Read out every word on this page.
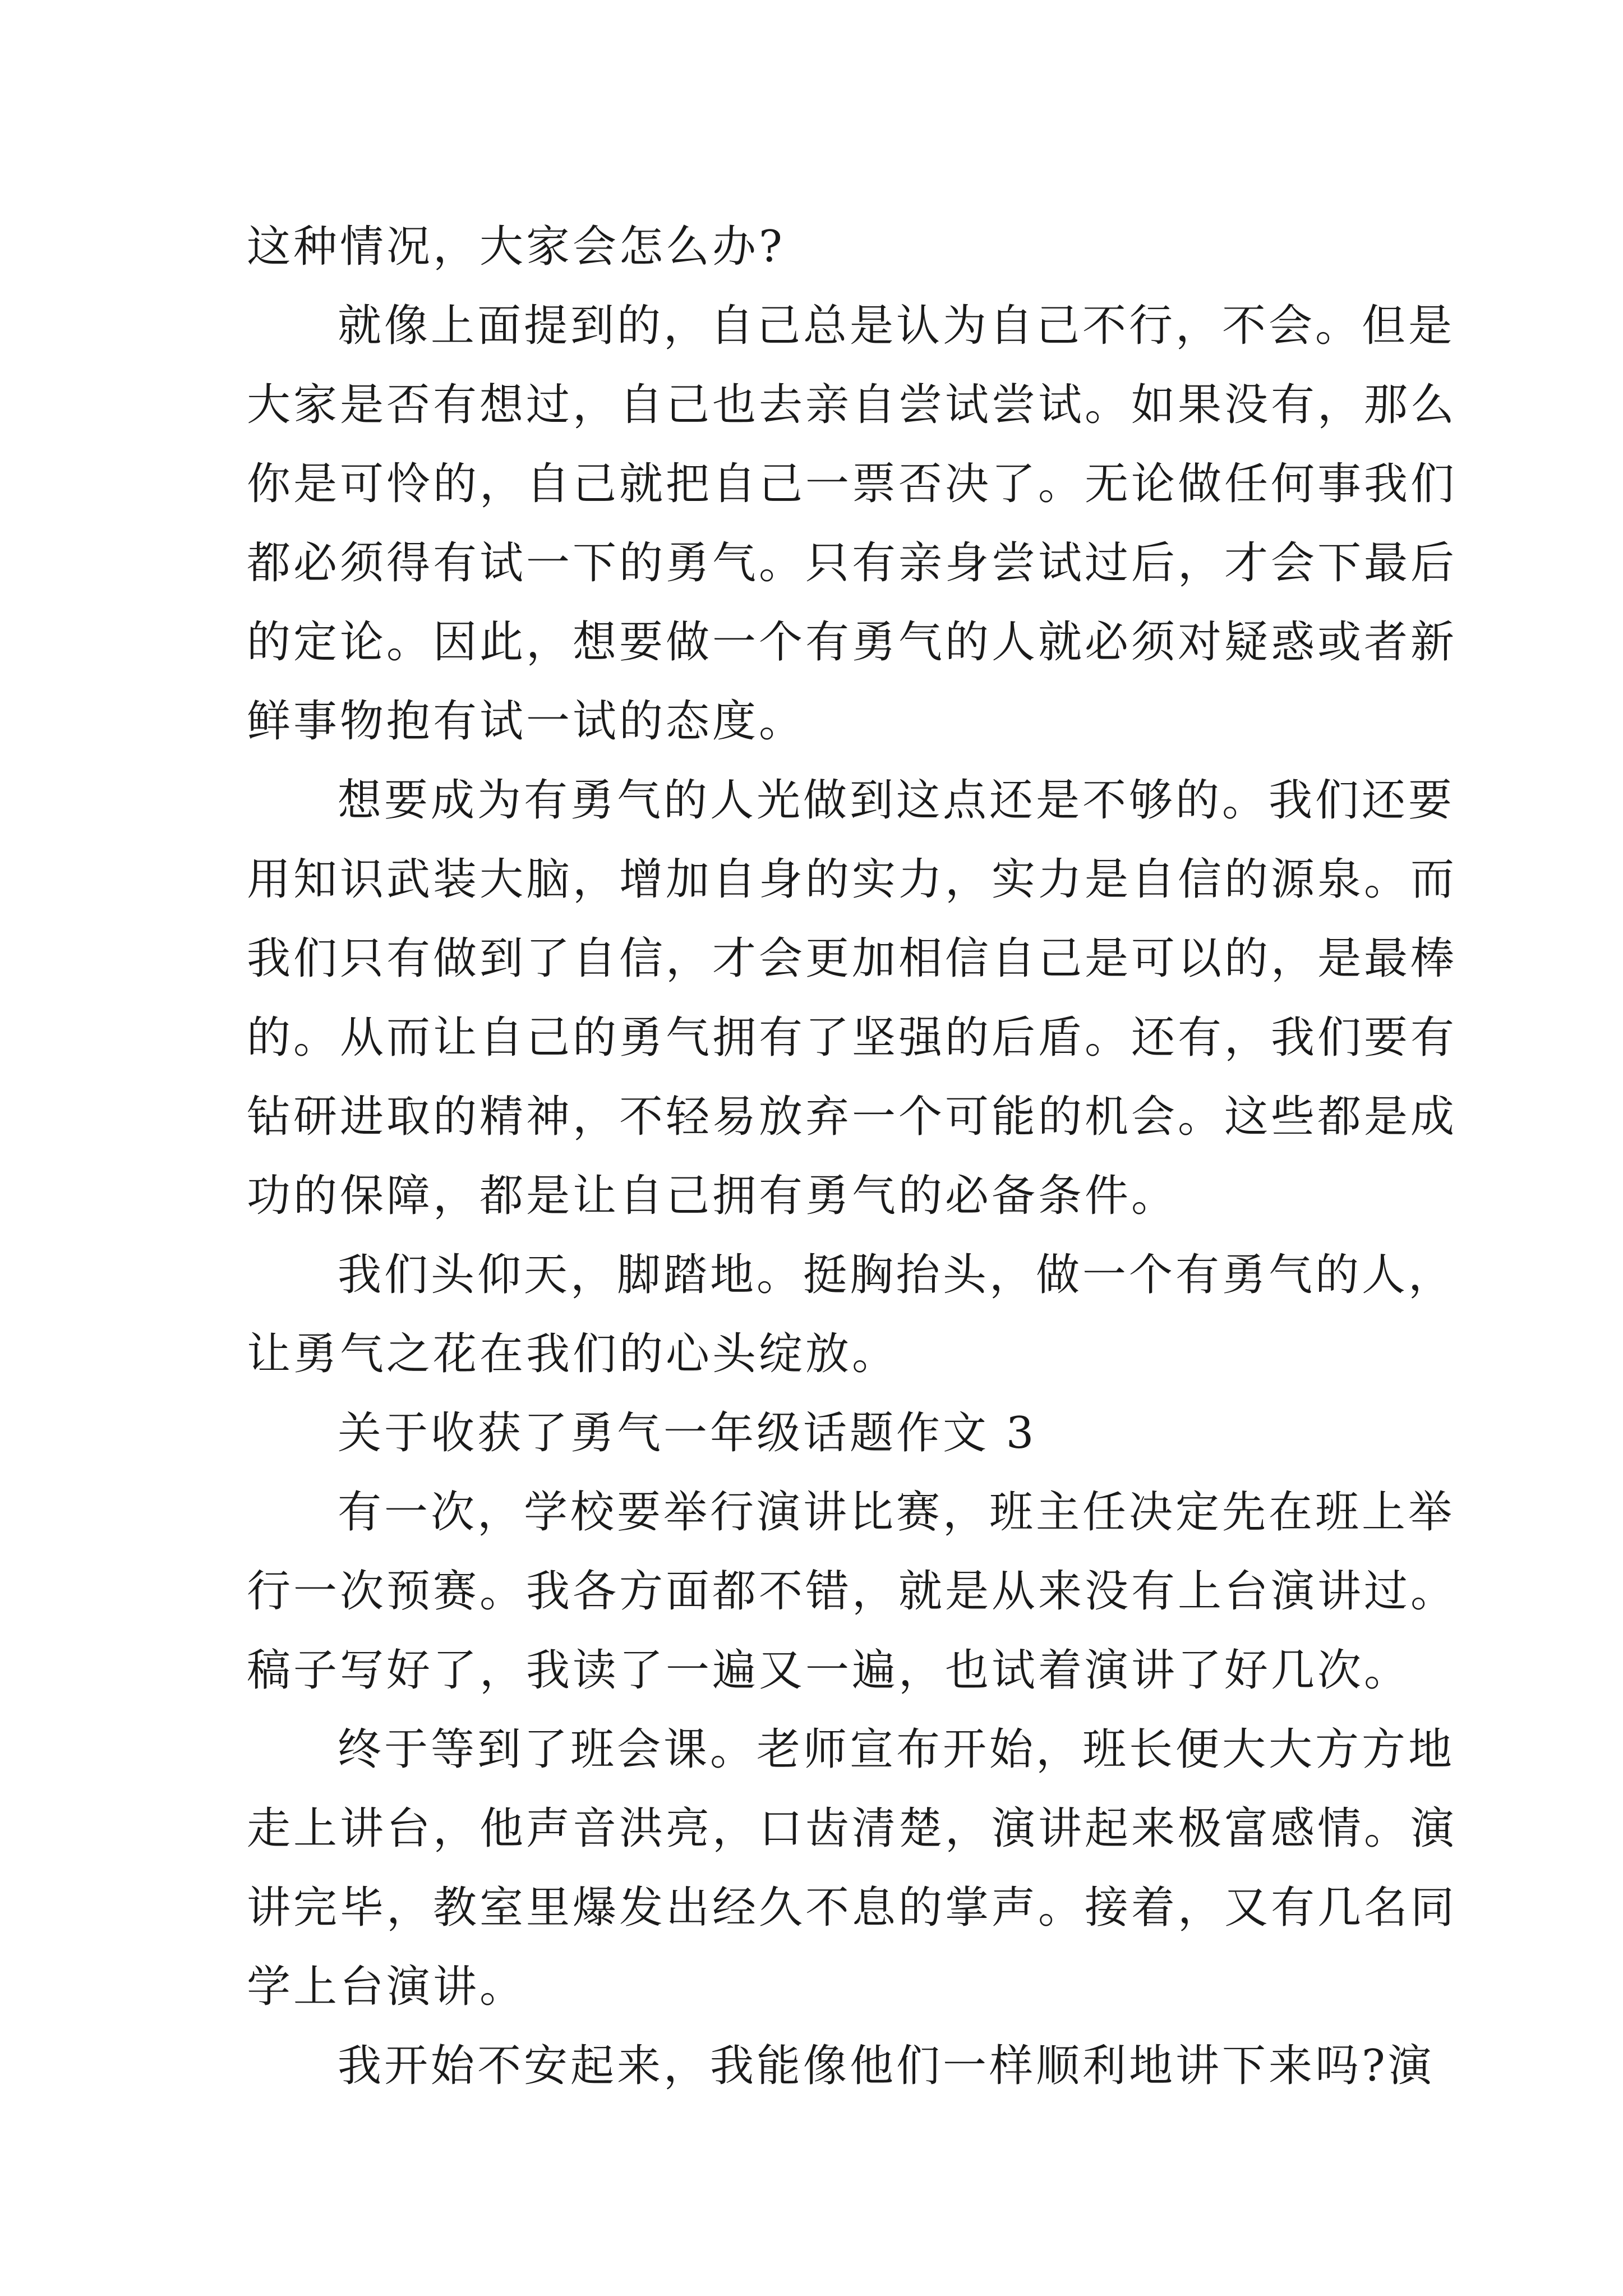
这种情况，大家会怎么办?
就像上面提到的，自己总是认为自己不行，不会。但是
大家是否有想过，自己也去亲自尝试尝试。如果没有，那么
你是可怜的，自己就把自己一票否决了。无论做任何事我们
都必须得有试一下的勇气。只有亲身尝试过后，才会下最后
的定论。因此，想要做一个有勇气的人就必须对疑惑或者新
鲜事物抱有试一试的态度。
想要成为有勇气的人光做到这点还是不够的。我们还要
用知识武装大脑，增加自身的实力，实力是自信的源泉。而
我们只有做到了自信，才会更加相信自己是可以的，是最棒
的。从而让自己的勇气拥有了坚强的后盾。还有，我们要有
钻研进取的精神，不轻易放弃一个可能的机会。这些都是成
功的保障，都是让自己拥有勇气的必备条件。
我们头仰天，脚踏地。挺胸抬头，做一个有勇气的人，
让勇气之花在我们的心头绽放。
关于收获了勇气一年级话题作文 3
有一次，学校要举行演讲比赛，班主任决定先在班上举
行一次预赛。我各方面都不错，就是从来没有上台演讲过。
稿子写好了，我读了一遍又一遍，也试着演讲了好几次。
终于等到了班会课。老师宣布开始，班长便大大方方地
走上讲台，他声音洪亮，口齿清楚，演讲起来极富感情。演
讲完毕，教室里爆发出经久不息的掌声。接着，又有几名同
学上台演讲。
我开始不安起来，我能像他们一样顺利地讲下来吗?演
